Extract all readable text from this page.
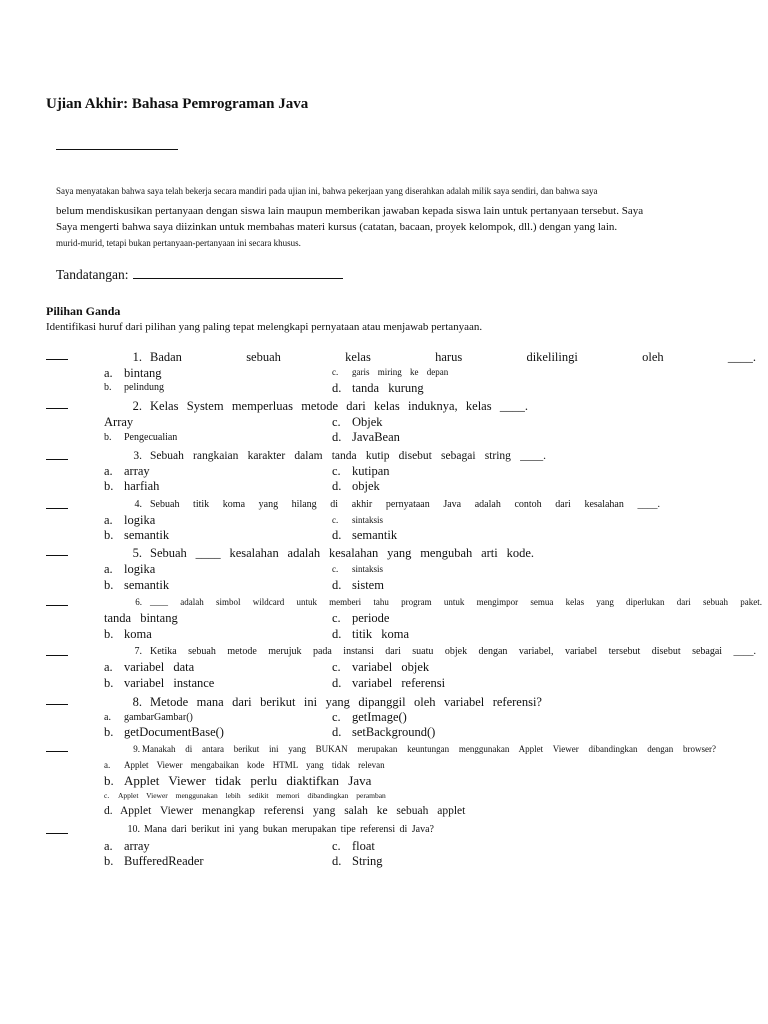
Ujian Akhir: Bahasa Pemrograman Java
Saya menyatakan bahwa saya telah bekerja secara mandiri pada ujian ini, bahwa pekerjaan yang diserahkan adalah milik saya sendiri, dan bahwa saya
belum mendiskusikan pertanyaan dengan siswa lain maupun memberikan jawaban kepada siswa lain untuk pertanyaan tersebut. Saya
Saya mengerti bahwa saya diizinkan untuk membahas materi kursus (catatan, bacaan, proyek kelompok, dll.) dengan yang lain.
murid-murid, tetapi bukan pertanyaan-pertanyaan ini secara khusus.
Tandatangan:
Pilihan Ganda
Identifikasi huruf dari pilihan yang paling tepat melengkapi pernyataan atau menjawab pertanyaan.
1. Badan sebuah kelas harus dikelilingi oleh ____.
a. bintang
b. pelindung
c. garis miring ke depan
d. tanda kurung
2. Kelas System memperluas metode dari kelas induknya, kelas ____.
Array
b. Pengecualian
c. Objek
d. JavaBean
3. Sebuah rangkaian karakter dalam tanda kutip disebut sebagai string ____.
a. array
b. harfiah
c. kutipan
d. objek
4. Sebuah titik koma yang hilang di akhir pernyataan Java adalah contoh dari kesalahan ____.
a. logika
b. semantik
c. sintaksis
d. semantik
5. Sebuah ____ kesalahan adalah kesalahan yang mengubah arti kode.
a. logika
b. semantik
c. sintaksis
d. sistem
6. ____ adalah simbol wildcard untuk memberi tahu program untuk mengimpor semua kelas yang diperlukan dari sebuah paket.
tanda bintang
b. koma
c. periode
d. titik koma
7. Ketika sebuah metode merujuk pada instansi dari suatu objek dengan variabel, variabel tersebut disebut sebagai ____.
a. variabel data
b. variabel instance
c. variabel objek
d. variabel referensi
8. Metode mana dari berikut ini yang dipanggil oleh variabel referensi?
a. gambarGambar()
b. getDocumentBase()
c. getImage()
d. setBackground()
9. Manakah di antara berikut ini yang BUKAN merupakan keuntungan menggunakan Applet Viewer dibandingkan dengan browser?
a. Applet Viewer mengabaikan kode HTML yang tidak relevan
b. Applet Viewer tidak perlu diaktifkan Java
c. Applet Viewer menggunakan lebih sedikit memori dibandingkan peramban
d. Applet Viewer menangkap referensi yang salah ke sebuah applet
10. Mana dari berikut ini yang bukan merupakan tipe referensi di Java?
a. array
b. BufferedReader
c. float
d. String
